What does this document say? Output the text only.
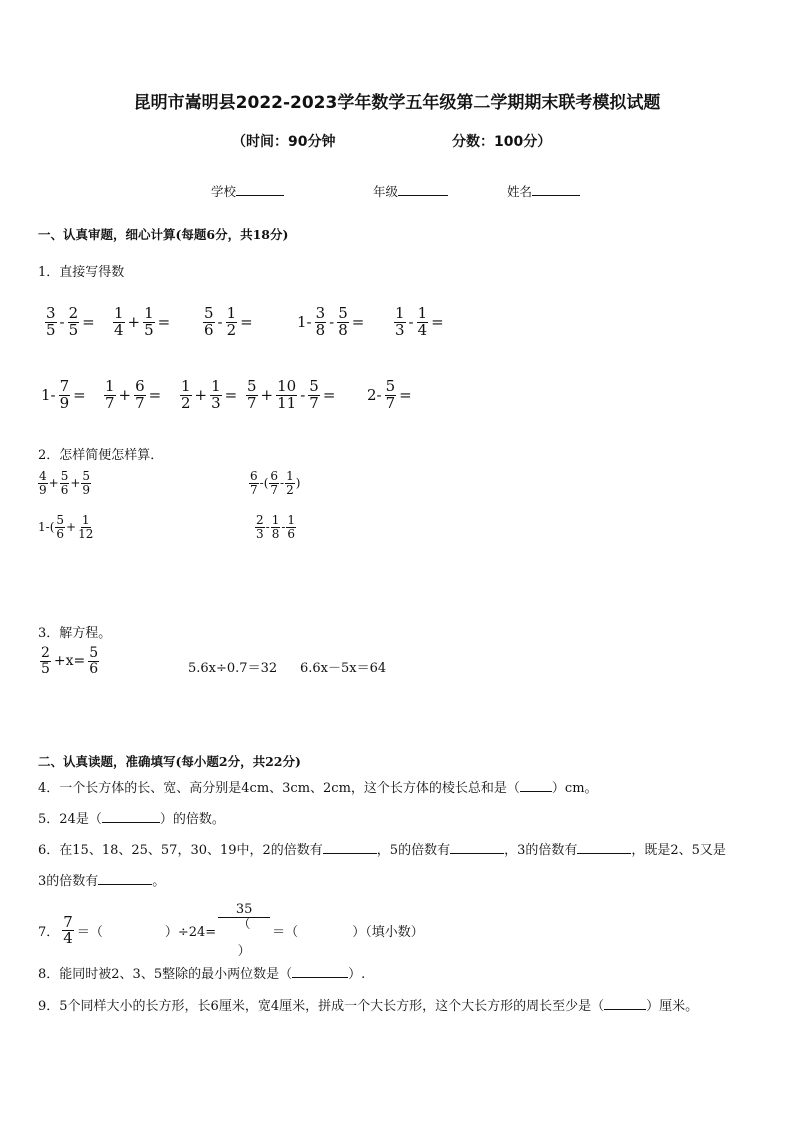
昆明市嵩明县2022-2023学年数学五年级第二学期期末联考模拟试题
（时间：90分钟	分数：100分）
学校	年级	姓名
一、认真审题，细心计算(每题6分，共18分)
1．直接写得数
3
$5 - \frac{2}{5}$ =
1
$4 + \frac{1}{5}$ =
5
$6 - \frac{1}{2}$ =	1-
3
$8 - \frac{5}{8}$ =
1
$3 - \frac{1}{4}$ =
$1- \frac{7}{9}$ =
1
$7 + \frac{6}{7}$ =
1
$2 + \frac{1}{3}$ =
5
$7 + \frac{10}{11} - \frac{5}{7} = 2- \frac{5}{7}$ =
2．怎样简便怎样算．
4
$9 + \frac{5}{6} + \frac{5}{9}$	6
7 -(
6
7 -
1
2 )
1-(
5
$6 + \frac{1}{12}$	2
3 -
1
8 -
1
6
3．解方程。
2
$5 +x= \frac{5}{6}$	5.6x÷0.7＝32 6.6x－5x＝64
二、认真读题，准确填写(每小题2分，共22分)
4．一个长方体的长、宽、高分别是4cm、3cm、2cm，这个长方体的棱长总和是（ ）cm。
5．24是（	）的倍数。
6．在15、18、25、57，30、19中，2的倍数有	，5的倍数有	，3的倍数有	，既是2、5又是
3的倍数有	。
7．
7
4 ＝（	）÷24=
35
（
）
＝（	）（填小数）
8．能同时被2、3、5整除的最小两位数是（	）.
9．5个同样大小的长方形，长6厘米，宽4厘米，拼成一个大长方形，这个大长方形的周长至少是（	）厘米。
